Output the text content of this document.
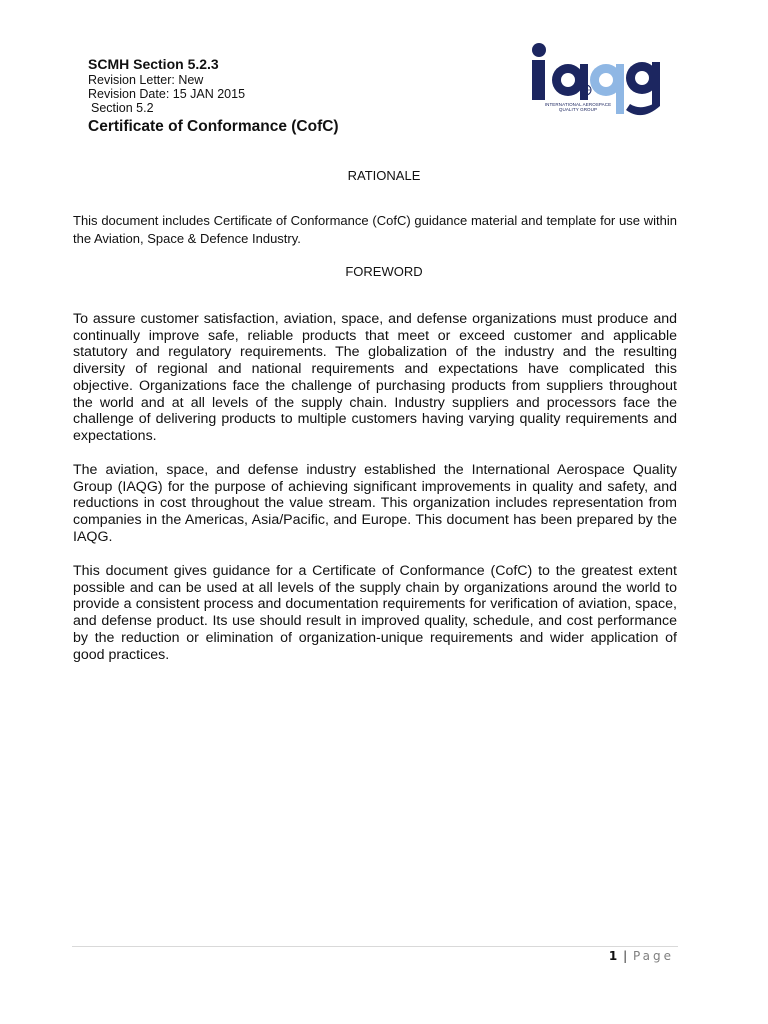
SCMH Section 5.2.3

Revision Letter: New

Revision Date: 15 JAN 2015

Section 5.2

Certificate of Conformance (CofC)

INTERNATIONAL AEROSPACE QUALITY GROUP

RATIONALE

This document includes Certificate of Conformance (CofC) guidance material and template for use within the Aviation, Space & Defence Industry.

FOREWORD

To assure customer satisfaction, aviation, space, and defense organizations must produce and continually improve safe, reliable products that meet or exceed customer and applicable statutory and regulatory requirements. The globalization of the industry and the resulting diversity of regional and national requirements and expectations have complicated this objective. Organizations face the challenge of purchasing products from suppliers throughout the world and at all levels of the supply chain. Industry suppliers and processors face the challenge of delivering products to multiple customers having varying quality requirements and expectations.

The aviation, space, and defense industry established the International Aerospace Quality Group (IAQG) for the purpose of achieving significant improvements in quality and safety, and reductions in cost throughout the value stream. This organization includes representation from companies in the Americas, Asia/Pacific, and Europe. This document has been prepared by the IAQG.

This document gives guidance for a Certificate of Conformance (CofC) to the greatest extent possible and can be used at all levels of the supply chain by organizations around the world to provide a consistent process and documentation requirements for verification of aviation, space, and defense product. Its use should result in improved quality, schedule, and cost performance by the reduction or elimination of organization-unique requirements and wider application of good practices.

1 | Page
